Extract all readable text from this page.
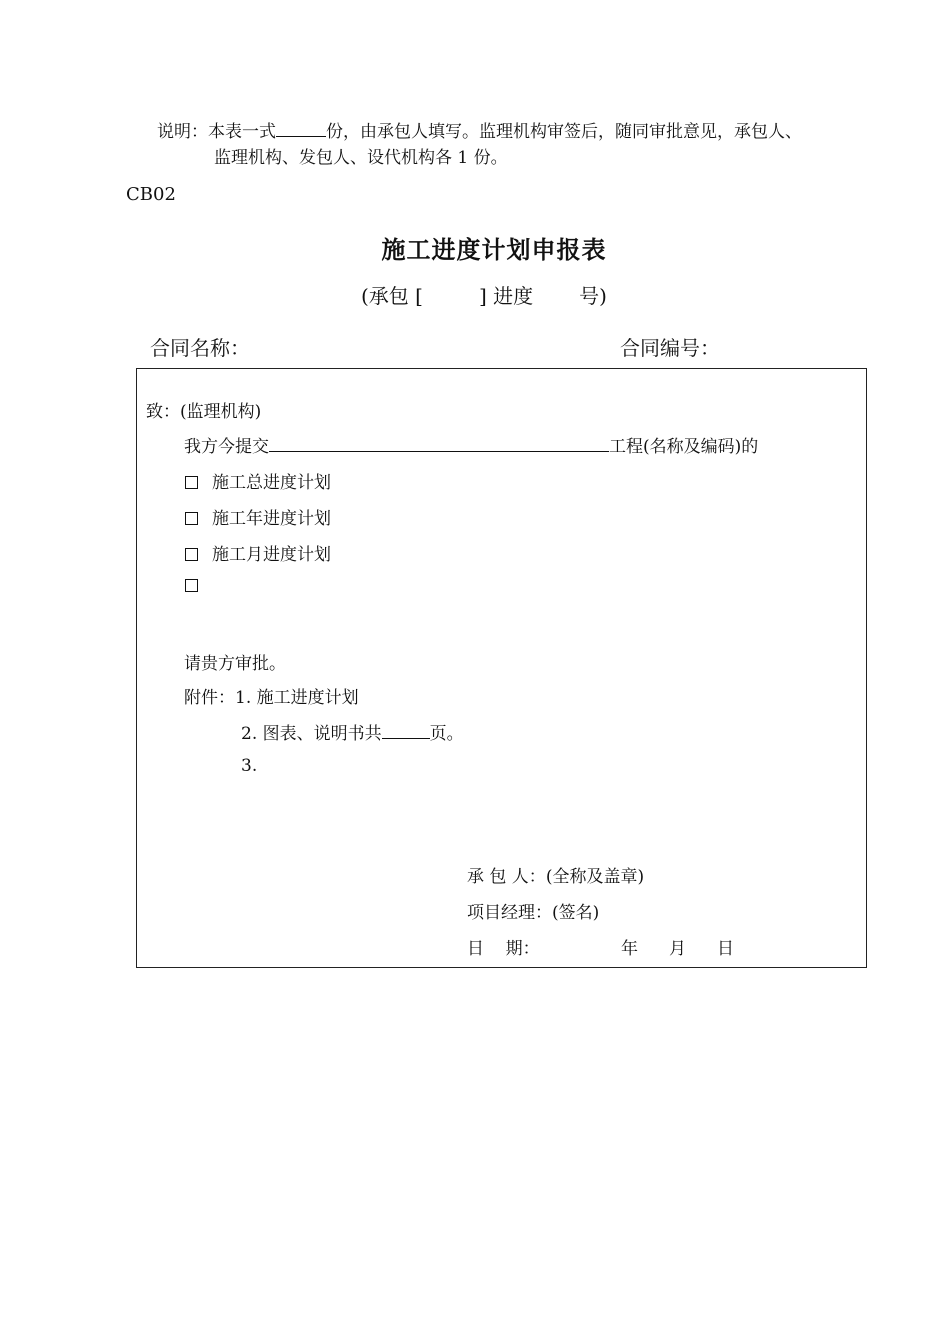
说明：本表一式	份，由承包人填写。监理机构审签后，随同审批意见，承包人、
监理机构、发包人、设代机构各 1 份。
CB02
施工进度计划申报表
(承包 [	] 进度 号)
合同名称：	合同编号：
致：(监理机构)
我方今提交	工程(名称及编码)的
施工总进度计划
施工年进度计划
施工月进度计划
请贵方审批。
附件：1. 施工进度计划
2. 图表、说明书共	页。
3.
承 包 人：(全称及盖章)
项目经理：(签名)
日    期：	年 月 日
